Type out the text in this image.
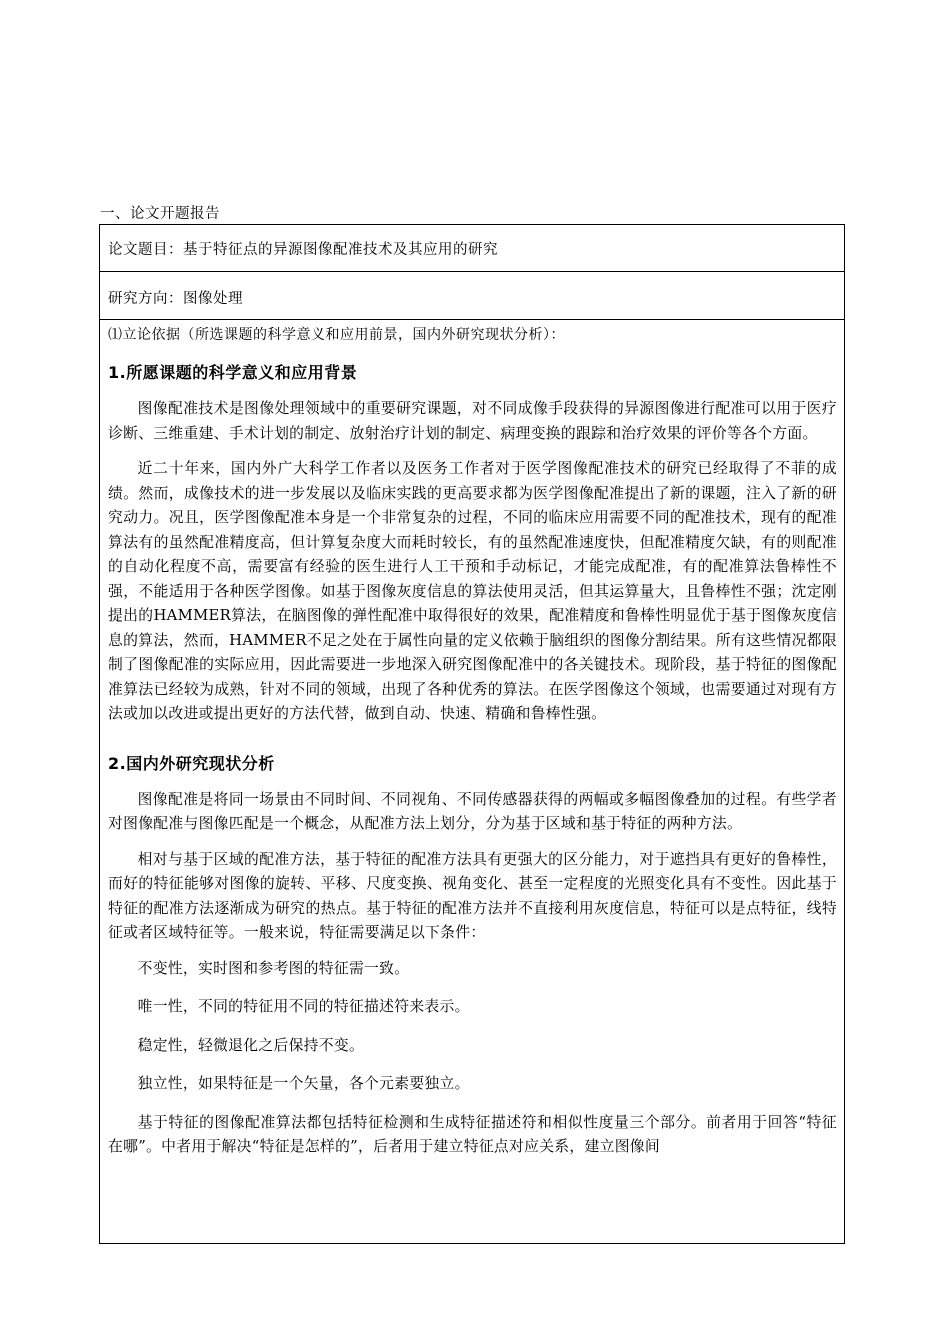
一、论文开题报告
论文题目：基于特征点的异源图像配准技术及其应用的研究
研究方向：图像处理
⑴立论依据（所选课题的科学意义和应用前景，国内外研究现状分析）：
1.所愿课题的科学意义和应用背景

图像配准技术是图像处理领域中的重要研究课题，对不同成像手段获得的异源图像进行配准可以用于医疗诊断、三维重建、手术计划的制定、放射治疗计划的制定、病理变换的跟踪和治疗效果的评价等各个方面。

近二十年来，国内外广大科学工作者以及医务工作者对于医学图像配准技术的研究已经取得了不菲的成绩。然而，成像技术的进一步发展以及临床实践的更高要求都为医学图像配准提出了新的课题，注入了新的研究动力。况且，医学图像配准本身是一个非常复杂的过程，不同的临床应用需要不同的配准技术，现有的配准算法有的虽然配准精度高，但计算复杂度大而耗时较长，有的虽然配准速度快，但配准精度欠缺，有的则配准的自动化程度不高，需要富有经验的医生进行人工干预和手动标记，才能完成配准，有的配准算法鲁棒性不强，不能适用于各种医学图像。如基于图像灰度信息的算法使用灵活，但其运算量大，且鲁棒性不强；沈定刚提出的HAMMER算法，在脑图像的弹性配准中取得很好的效果，配准精度和鲁棒性明显优于基于图像灰度信息的算法，然而，HAMMER不足之处在于属性向量的定义依赖于脑组织的图像分割结果。所有这些情况都限制了图像配准的实际应用，因此需要进一步地深入研究图像配准中的各关键技术。现阶段，基于特征的图像配准算法已经较为成熟，针对不同的领域，出现了各种优秀的算法。在医学图像这个领域，也需要通过对现有方法或加以改进或提出更好的方法代替，做到自动、快速、精确和鲁棒性强。

2.国内外研究现状分析

图像配准是将同一场景由不同时间、不同视角、不同传感器获得的两幅或多幅图像叠加的过程。有些学者对图像配准与图像匹配是一个概念，从配准方法上划分，分为基于区域和基于特征的两种方法。

相对与基于区域的配准方法，基于特征的配准方法具有更强大的区分能力，对于遮挡具有更好的鲁棒性，而好的特征能够对图像的旋转、平移、尺度变换、视角变化、甚至一定程度的光照变化具有不变性。因此基于特征的配准方法逐渐成为研究的热点。基于特征的配准方法并不直接利用灰度信息，特征可以是点特征，线特征或者区域特征等。一般来说，特征需要满足以下条件：

不变性，实时图和参考图的特征需一致。

唯一性，不同的特征用不同的特征描述符来表示。

稳定性，轻微退化之后保持不变。

独立性，如果特征是一个矢量，各个元素要独立。

基于特征的图像配准算法都包括特征检测和生成特征描述符和相似性度量三个部分。前者用于回答“特征在哪”。中者用于解决“特征是怎样的”，后者用于建立特征点对应关系，建立图像间
